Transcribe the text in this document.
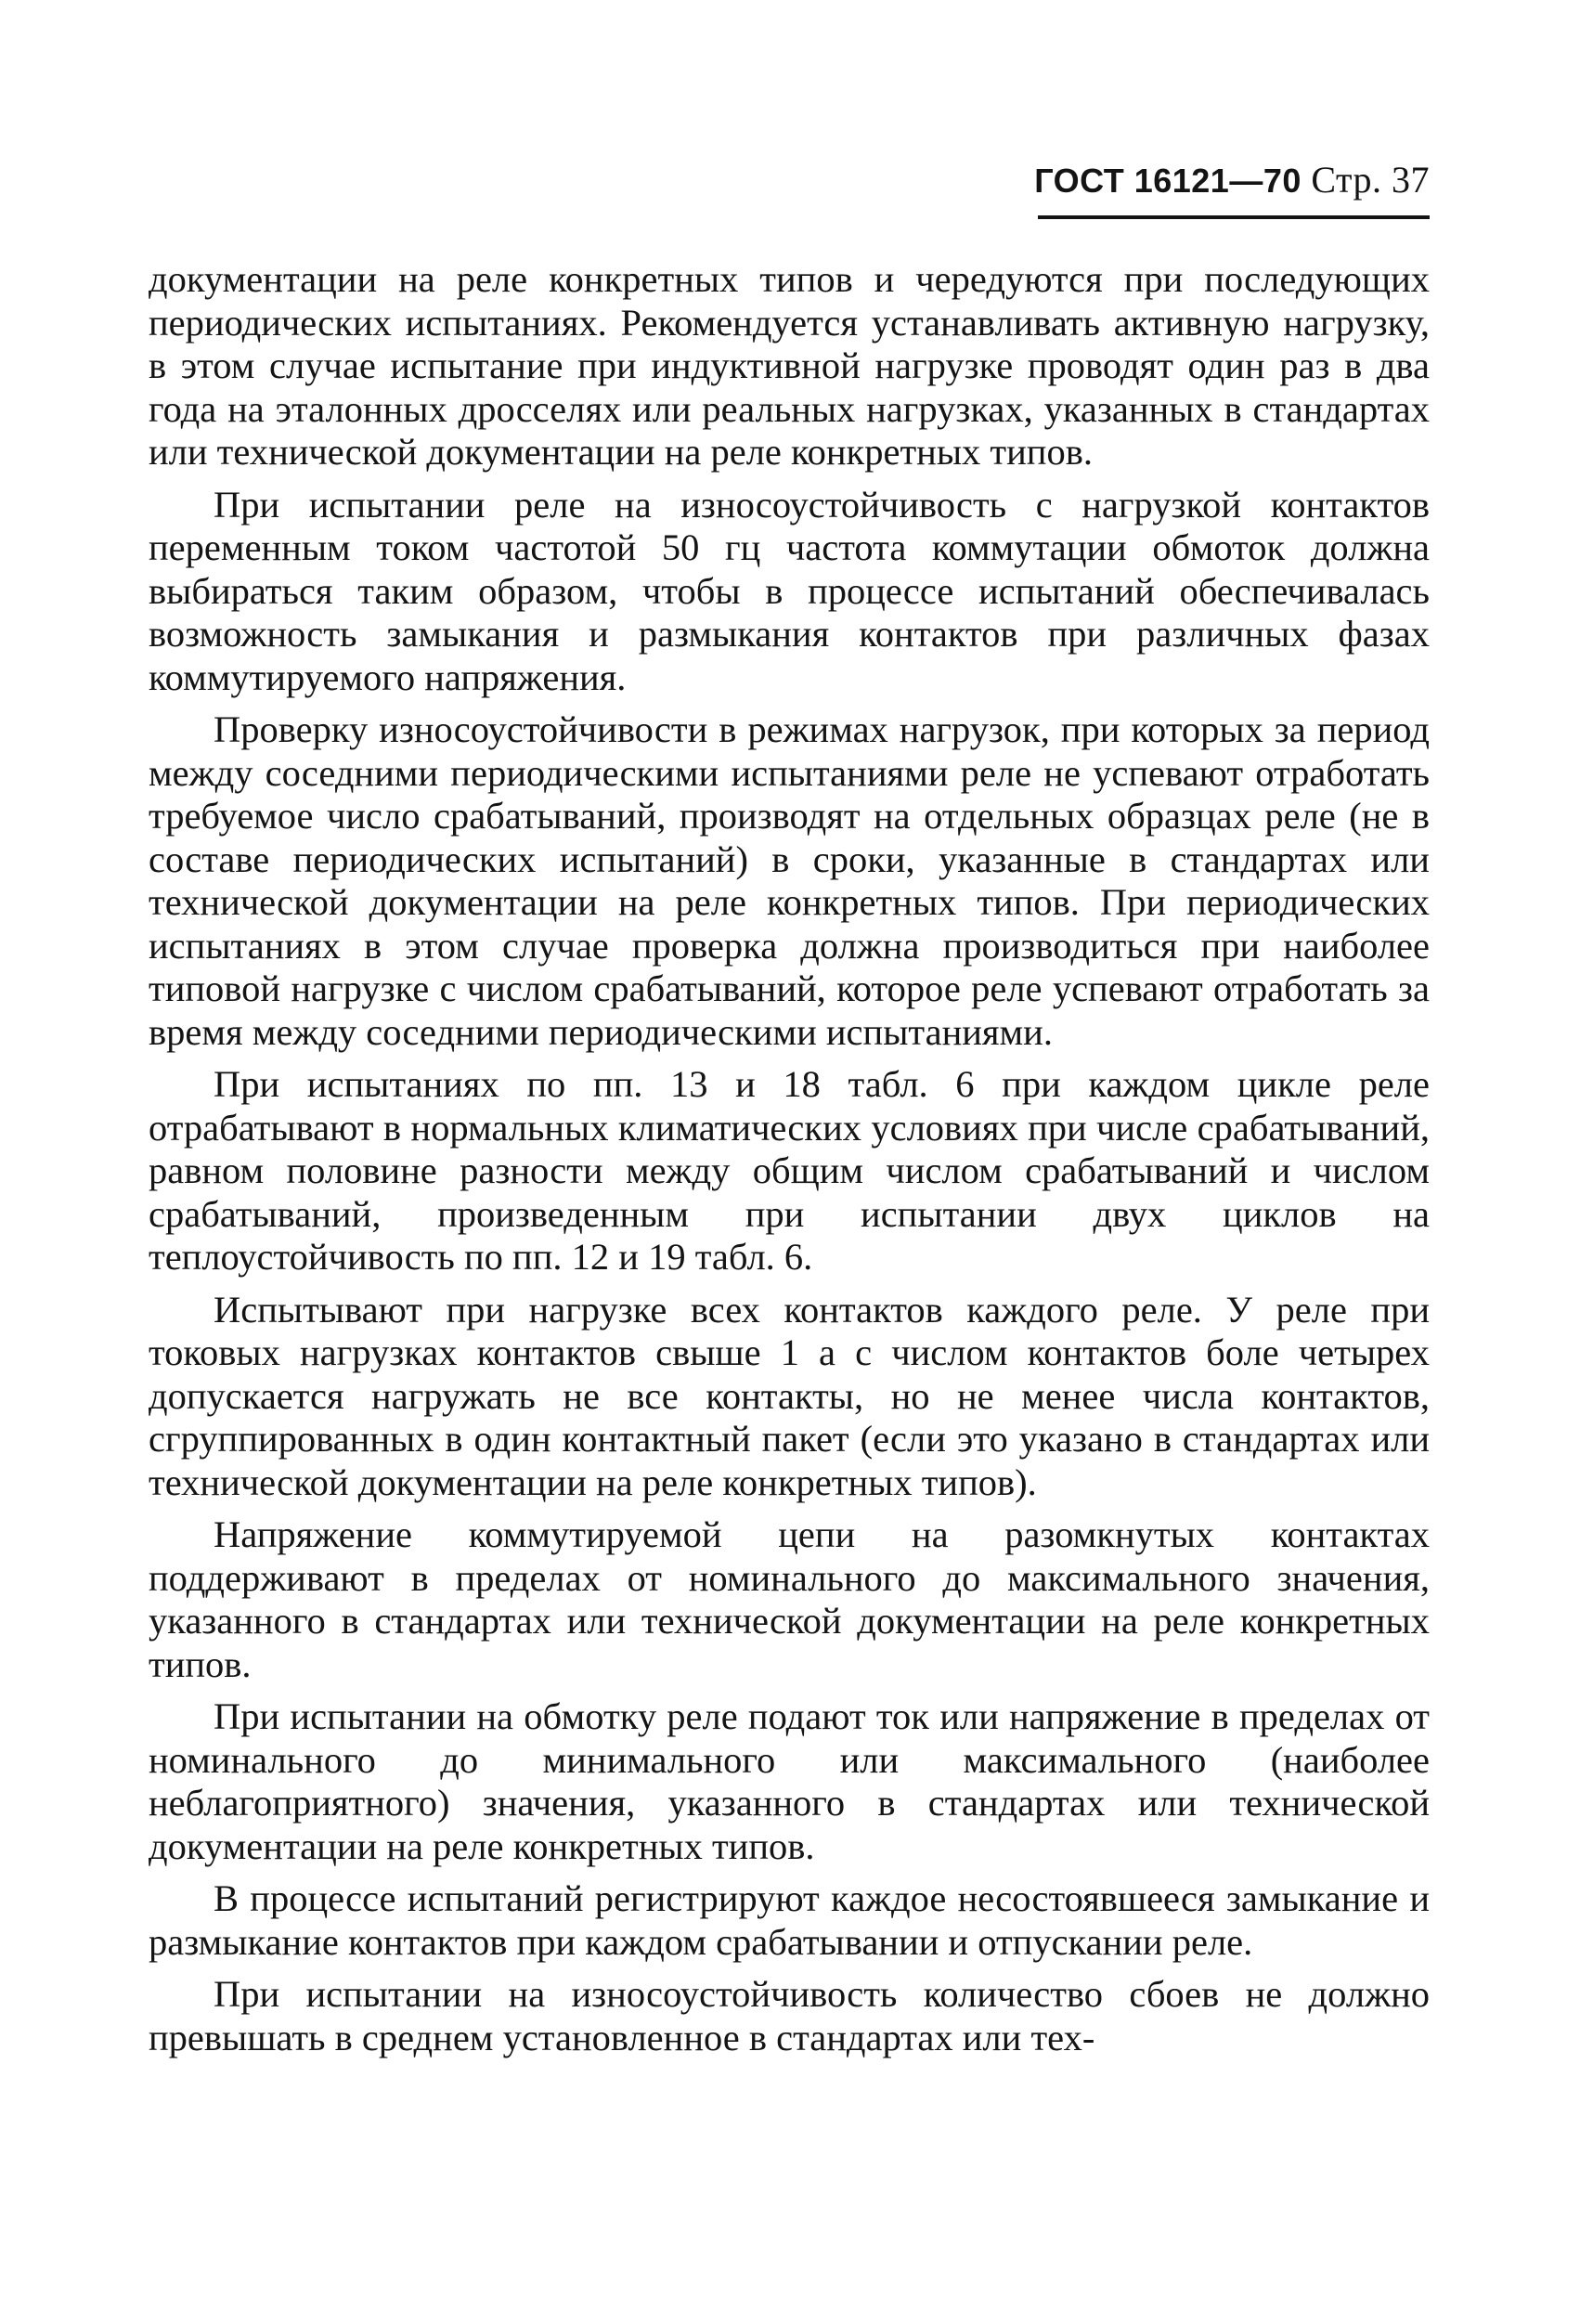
ГОСТ 16121—70 Стр. 37

документации на реле конкретных типов и чередуются при последующих периодических испытаниях. Рекомендуется устанавливать активную нагрузку, в этом случае испытание при индуктивной нагрузке проводят один раз в два года на эталонных дросселях или реальных нагрузках, указанных в стандартах или технической документации на реле конкретных типов.

При испытании реле на износоустойчивость с нагрузкой контактов переменным током частотой 50 гц частота коммутации обмоток должна выбираться таким образом, чтобы в процессе испытаний обеспечивалась возможность замыкания и размыкания контактов при различных фазах коммутируемого напряжения.

Проверку износоустойчивости в режимах нагрузок, при которых за период между соседними периодическими испытаниями реле не успевают отработать требуемое число срабатываний, производят на отдельных образцах реле (не в составе периодических испытаний) в сроки, указанные в стандартах или технической документации на реле конкретных типов. При периодических испытаниях в этом случае проверка должна производиться при наиболее типовой нагрузке с числом срабатываний, которое реле успевают отработать за время между соседними периодическими испытаниями.

При испытаниях по пп. 13 и 18 табл. 6 при каждом цикле реле отрабатывают в нормальных климатических условиях при числе срабатываний, равном половине разности между общим числом срабатываний и числом срабатываний, произведенным при испытании двух циклов на теплоустойчивость по пп. 12 и 19 табл. 6.

Испытывают при нагрузке всех контактов каждого реле. У реле при токовых нагрузках контактов свыше 1 а с числом контактов боле четырех допускается нагружать не все контакты, но не менее числа контактов, сгруппированных в один контактный пакет (если это указано в стандартах или технической документации на реле конкретных типов).

Напряжение коммутируемой цепи на разомкнутых контактах поддерживают в пределах от номинального до максимального значения, указанного в стандартах или технической документации на реле конкретных типов.

При испытании на обмотку реле подают ток или напряжение в пределах от номинального до минимального или максимального (наиболее неблагоприятного) значения, указанного в стандартах или технической документации на реле конкретных типов.

В процессе испытаний регистрируют каждое несостоявшееся замыкание и размыкание контактов при каждом срабатывании и отпускании реле.

При испытании на износоустойчивость количество сбоев не должно превышать в среднем установленное в стандартах или тех-
